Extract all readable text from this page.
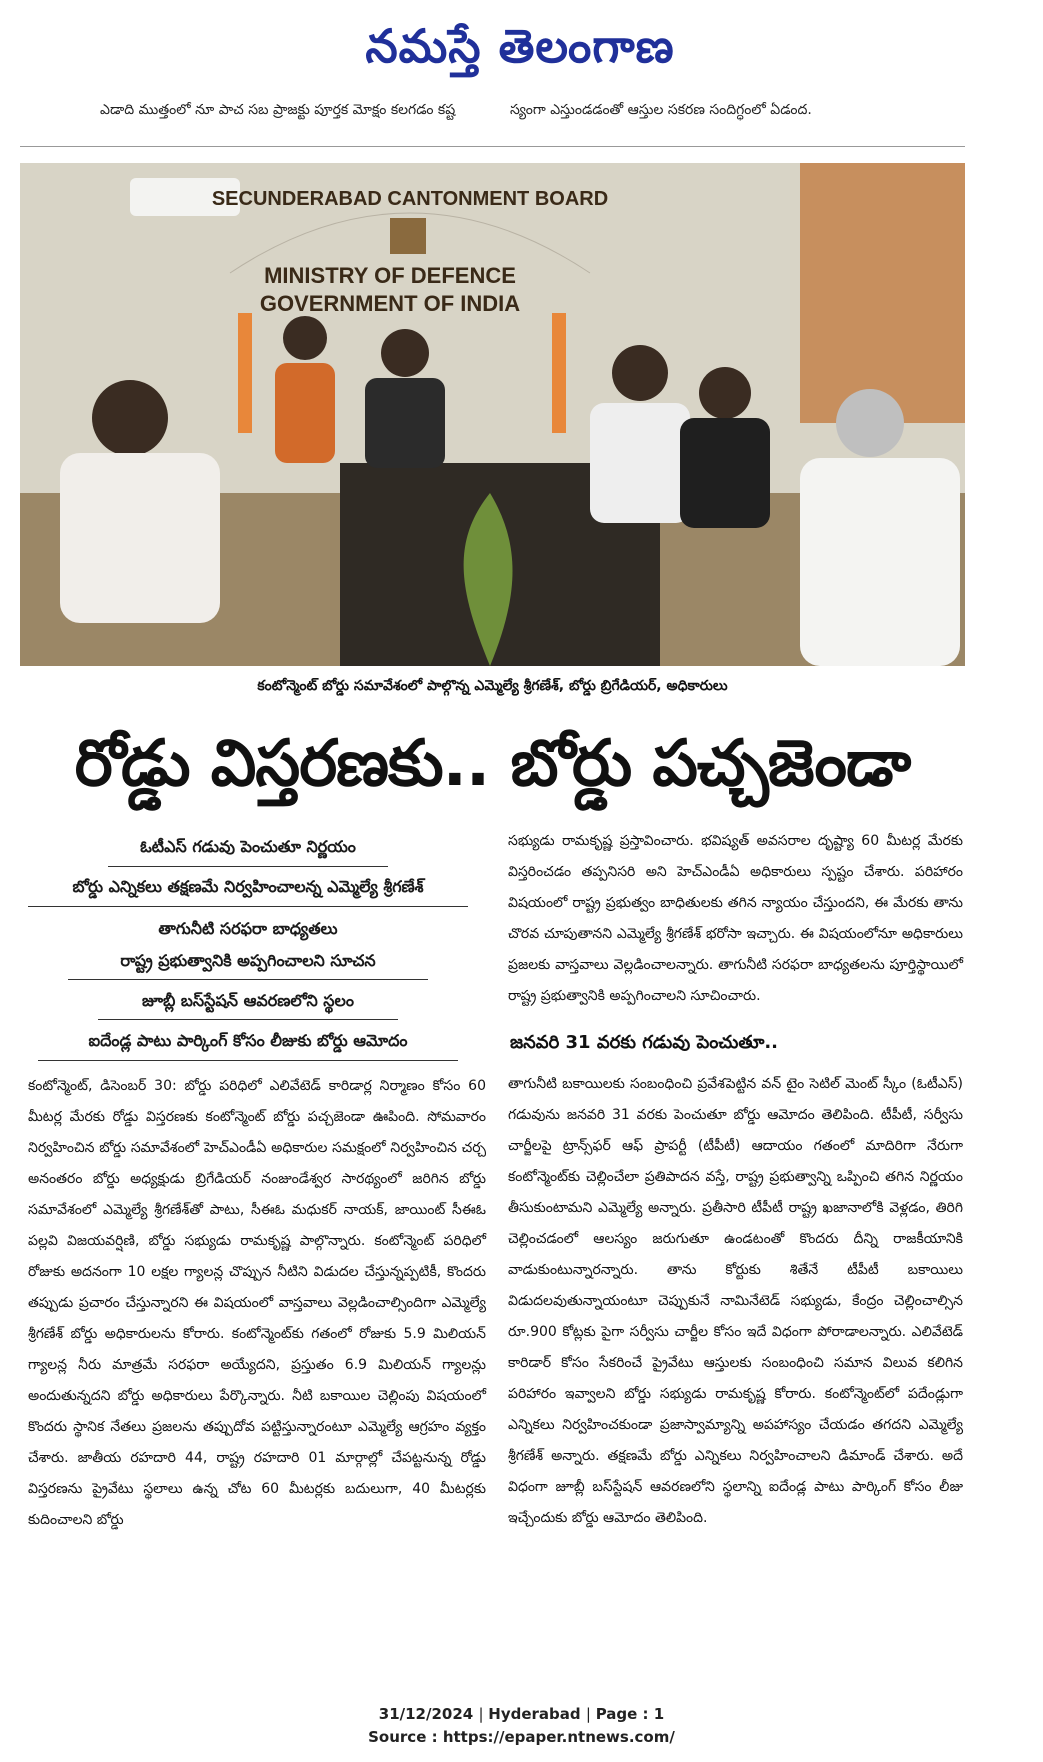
నమస్తే తెలంగాణ
ఎడాది ముత్తంలో నూ పాచ సబ ప్రాజక్టు పూర్తక మోక్షం కలగడం కష్ట	స్యంగా ఎస్తుండడంతో ఆస్తుల సకరణ సందిగ్ధంలో ఏడంద.
SECUNDERABAD CANTONMENT BOARD
MINISTRY OF DEFENCE
GOVERNMENT OF INDIA
కంటోన్మెంట్ బోర్డు సమావేశంలో పాల్గొన్న ఎమ్మెల్యే శ్రీగణేశ్, బోర్డు బ్రిగేడియర్, అధికారులు
రోడ్డు విస్తరణకు.. బోర్డు పచ్చజెండా
ఓటీఎస్ గడువు పెంచుతూ నిర్ణయం
బోర్డు ఎన్నికలు తక్షణమే నిర్వహించాలన్న ఎమ్మెల్యే శ్రీగణేశ్
తాగునీటి సరఫరా బాధ్యతలు
రాష్ట్ర ప్రభుత్వానికి అప్పగించాలని సూచన
జూబ్లీ బస్‌స్టేషన్ ఆవరణలోని స్థలం
ఐదేండ్ల పాటు పార్కింగ్ కోసం లీజుకు బోర్డు ఆమోదం

కంటోన్మెంట్, డిసెంబర్ 30: బోర్డు పరిధిలో ఎలివేటెడ్ కారిడార్ల నిర్మాణం కోసం 60 మీటర్ల మేరకు రోడ్డు విస్తరణకు కంటోన్మెంట్ బోర్డు పచ్చజెండా ఊపింది. సోమవారం నిర్వహించిన బోర్డు సమావేశంలో హెచ్ఎండీఏ అధికారుల సమక్షంలో నిర్వహించిన చర్చ అనంతరం బోర్డు అధ్యక్షుడు బ్రిగేడియర్ నంజుండేశ్వర సారథ్యంలో జరిగిన బోర్డు సమావేశంలో ఎమ్మెల్యే శ్రీగణేశ్‌తో పాటు, సీఈఓ మధుకర్ నాయక్, జాయింట్ సీఈఓ పల్లవి విజయవర్షిణి, బోర్డు సభ్యుడు రామకృష్ణ పాల్గొన్నారు. కంటోన్మెంట్ పరిధిలో రోజుకు అదనంగా 10 లక్షల గ్యాలన్ల చొప్పున నీటిని విడుదల చేస్తున్నప్పటికీ, కొందరు తప్పుడు ప్రచారం చేస్తున్నారని ఈ విషయంలో వాస్తవాలు వెల్లడించాల్సిందిగా ఎమ్మెల్యే శ్రీగణేశ్ బోర్డు అధికారులను కోరారు. కంటోన్మెంట్‌కు గతంలో రోజుకు 5.9 మిలియన్ గ్యాలన్ల నీరు మాత్రమే సరఫరా అయ్యేదని, ప్రస్తుతం 6.9 మిలియన్ గ్యాలన్లు అందుతున్నదని బోర్డు అధికారులు పేర్కొన్నారు. నీటి బకాయిల చెల్లింపు విషయంలో కొందరు స్థానిక నేతలు ప్రజలను తప్పుదోవ పట్టిస్తున్నారంటూ ఎమ్మెల్యే ఆగ్రహం వ్యక్తం చేశారు. జాతీయ రహదారి 44, రాష్ట్ర రహదారి 01 మార్గాల్లో చేపట్టనున్న రోడ్డు విస్తరణను ప్రైవేటు స్థలాలు ఉన్న చోట 60 మీటర్లకు బదులుగా, 40 మీటర్లకు కుదించాలని బోర్డు

సభ్యుడు రామకృష్ణ ప్రస్తావించారు. భవిష్యత్ అవసరాల దృష్ట్యా 60 మీటర్ల మేరకు విస్తరించడం తప్పనిసరి అని హెచ్ఎండీఏ అధికారులు స్పష్టం చేశారు. పరిహారం విషయంలో రాష్ట్ర ప్రభుత్వం బాధితులకు తగిన న్యాయం చేస్తుందని, ఈ మేరకు తాను చొరవ చూపుతానని ఎమ్మెల్యే శ్రీగణేశ్ భరోసా ఇచ్చారు. ఈ విషయంలోనూ అధికారులు ప్రజలకు వాస్తవాలు వెల్లడించాలన్నారు. తాగునీటి సరఫరా బాధ్యతలను పూర్తిస్థాయిలో రాష్ట్ర ప్రభుత్వానికి అప్పగించాలని సూచించారు.

జనవరి 31 వరకు గడువు పెంచుతూ..

తాగునీటి బకాయిలకు సంబంధించి ప్రవేశపెట్టిన వన్ టైం సెటిల్ మెంట్ స్కీం (ఓటీఎస్) గడువును జనవరి 31 వరకు పెంచుతూ బోర్డు ఆమోదం తెలిపింది. టీపీటీ, సర్వీసు చార్జీలపై ట్రాన్స్‌ఫర్ ఆఫ్ ప్రాపర్టీ (టీపీటీ) ఆదాయం గతంలో మాదిరిగా నేరుగా కంటోన్మెంట్‌కు చెల్లించేలా ప్రతిపాదన వస్తే, రాష్ట్ర ప్రభుత్వాన్ని ఒప్పించి తగిన నిర్ణయం తీసుకుంటామని ఎమ్మెల్యే అన్నారు. ప్రతీసారి టీపీటీ రాష్ట్ర ఖజానాలోకి వెళ్లడం, తిరిగి చెల్లించడంలో ఆలస్యం జరుగుతూ ఉండటంతో కొందరు దీన్ని రాజకీయానికి వాడుకుంటున్నారన్నారు. తాను కోర్టుకు శితేనే టీపీటీ బకాయిలు విడుదలవుతున్నాయంటూ చెప్పుకునే నామినేటెడ్ సభ్యుడు, కేంద్రం చెల్లించాల్సిన రూ.900 కోట్లకు పైగా సర్వీసు చార్జీల కోసం ఇదే విధంగా పోరాడాలన్నారు. ఎలివేటెడ్ కారిడార్ కోసం సేకరించే ప్రైవేటు ఆస్తులకు సంబంధించి సమాన విలువ కలిగిన పరిహారం ఇవ్వాలని బోర్డు సభ్యుడు రామకృష్ణ కోరారు. కంటోన్మెంట్‌లో పదేండ్లుగా ఎన్నికలు నిర్వహించకుండా ప్రజాస్వామ్యాన్ని అపహాస్యం చేయడం తగదని ఎమ్మెల్యే శ్రీగణేశ్ అన్నారు. తక్షణమే బోర్డు ఎన్నికలు నిర్వహించాలని డిమాండ్ చేశారు. అదే విధంగా జూబ్లీ బస్‌స్టేషన్ ఆవరణలోని స్థలాన్ని ఐదేండ్ల పాటు పార్కింగ్ కోసం లీజు ఇచ్చేందుకు బోర్డు ఆమోదం తెలిపింది.

31/12/2024 | Hyderabad | Page : 1
Source : https://epaper.ntnews.com/
